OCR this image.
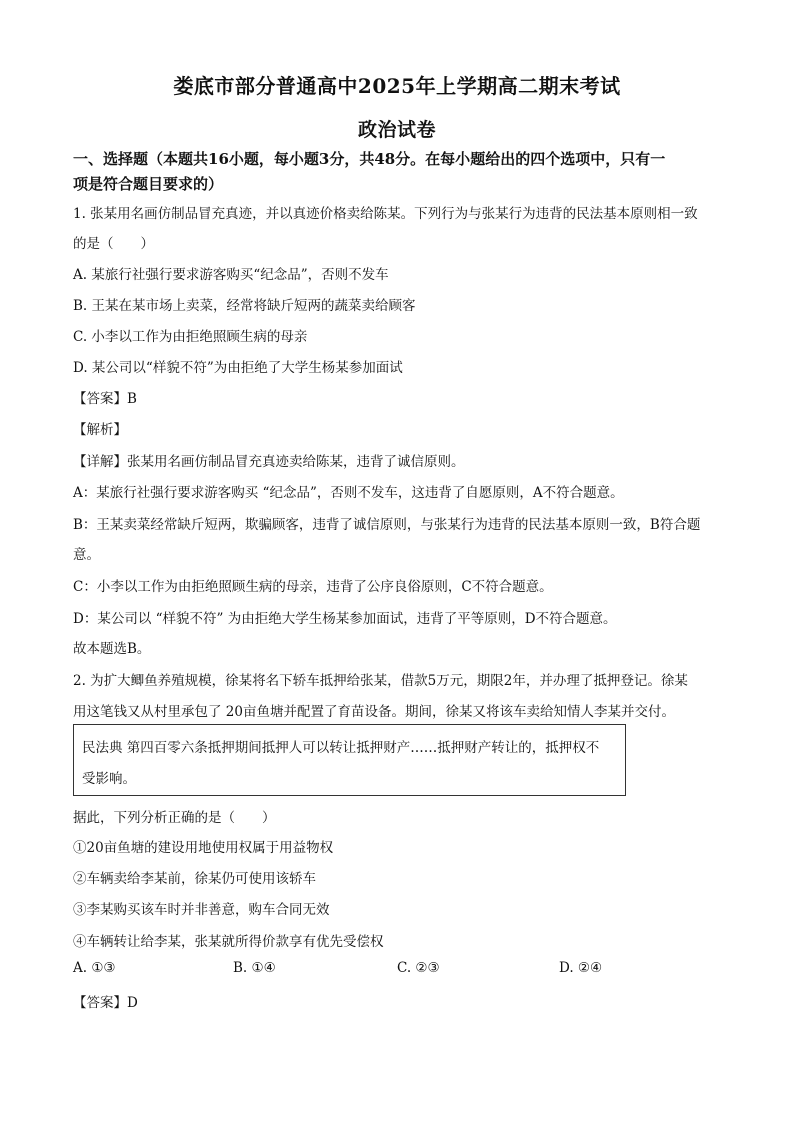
娄底市部分普通高中2025年上学期高二期末考试
政治试卷
一、选择题（本题共16小题，每小题3分，共48分。在每小题给出的四个选项中，只有一
项是符合题目要求的）
1. 张某用名画仿制品冒充真迹，并以真迹价格卖给陈某。下列行为与张某行为违背的民法基本原则相一致
的是（　　）
A. 某旅行社强行要求游客购买“纪念品”，否则不发车
B. 王某在某市场上卖菜，经常将缺斤短两的蔬菜卖给顾客
C. 小李以工作为由拒绝照顾生病的母亲
D. 某公司以“样貌不符”为由拒绝了大学生杨某参加面试
【答案】B
【解析】
【详解】张某用名画仿制品冒充真迹卖给陈某，违背了诚信原则。
A：某旅行社强行要求游客购买 “纪念品”，否则不发车，这违背了自愿原则，A不符合题意。
B：王某卖菜经常缺斤短两，欺骗顾客，违背了诚信原则，与张某行为违背的民法基本原则一致，B符合题
意。
C：小李以工作为由拒绝照顾生病的母亲，违背了公序良俗原则，C不符合题意。
D：某公司以 “样貌不符” 为由拒绝大学生杨某参加面试，违背了平等原则，D不符合题意。
故本题选B。
2. 为扩大鲫鱼养殖规模，徐某将名下轿车抵押给张某，借款5万元，期限2年，并办理了抵押登记。徐某
用这笔钱又从村里承包了 20亩鱼塘并配置了育苗设备。期间，徐某又将该车卖给知情人李某并交付。
民法典 第四百零六条抵押期间抵押人可以转让抵押财产……抵押财产转让的，抵押权不
受影响。
据此，下列分析正确的是（　　）
①20亩鱼塘的建设用地使用权属于用益物权
②车辆卖给李某前，徐某仍可使用该轿车
③李某购买该车时并非善意，购车合同无效
④车辆转让给李某，张某就所得价款享有优先受偿权
A. ①③	B. ①④	C. ②③	D. ②④
【答案】D
